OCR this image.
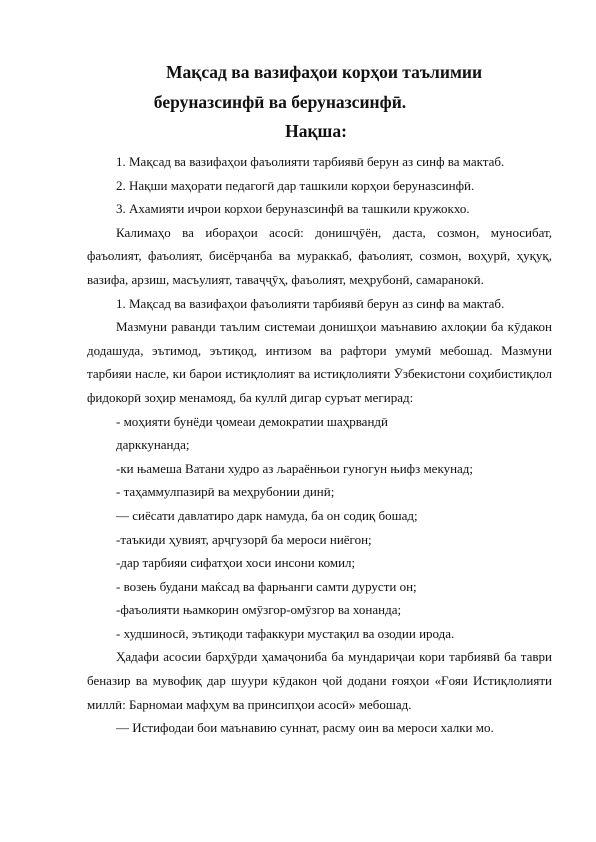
Мақсад ва вазифаҳои корҳои таълимии
беруназсинфӣ ва беруназсинфӣ.
Нақша:

1. Мақсад ва вазифаҳои фаъолияти тарбиявӣ берун аз синф ва мактаб.

2. Нақши маҳорати педагогӣ дар ташкили корҳои беруназсинфӣ.

3. Ахамияти ичрои корхои беруназсинфӣ ва ташкили кружокхо.

Калимаҳо ва ибораҳои асосӣ: донишҷӯён, даста, созмон, муносибат, фаъолият, фаъолият, бисёрҷанба ва мураккаб, фаъолият, созмон, воҳурӣ, ҳуқуқ, вазифа, арзиш, масъулият, таваҷҷӯҳ, фаъолият, меҳрубонӣ, самаранокӣ.

1. Мақсад ва вазифаҳои фаъолияти тарбиявӣ берун аз синф ва мактаб.

Мазмуни раванди таълим системаи донишҳои маънавию ахлоқии ба кӯдакон додашуда, эътимод, эътиқод, интизом ва рафтори умумӣ мебошад. Мазмуни тарбияи насле, ки барои истиқлолият ва истиқлолияти Ӯзбекистони соҳибистиқлол фидокорӣ зоҳир менамояд, ба куллӣ дигар суръат мегирад:

- моҳияти бунёди ҷомеаи демократии шаҳрвандӣ

дарккунанда;

-ки њамеша Ватани худро аз љараёнњои гуногун њифз мекунад;

- таҳаммулпазирӣ ва меҳрубонии динӣ;

— сиёсати давлатиро дарк намуда, ба он содиқ бошад;

-таъкиди ҳувият, арҷгузорӣ ба мероси ниёгон;

-дар тарбияи сифатҳои хоси инсони комил;

- возењ будани маќсад ва фарњанги самти дурусти он;

-фаъолияти њамкорин омӯзгор-омӯзгор ва хонанда;

- худшиносӣ, эътиқоди тафаккури мустақил ва озодии ирода.

Ҳадафи асосии барҳӯрди ҳамаҷониба ба мундариҷаи кори тарбиявӣ ба таври беназир ва мувофиқ дар шуури кӯдакон ҷой додани ғояҳои «Ғояи Истиқлолияти миллӣ: Барномаи мафҳум ва принсипҳои асосӣ» мебошад.

— Истифодаи бои маънавию суннат, расму оин ва мероси халки мо.
